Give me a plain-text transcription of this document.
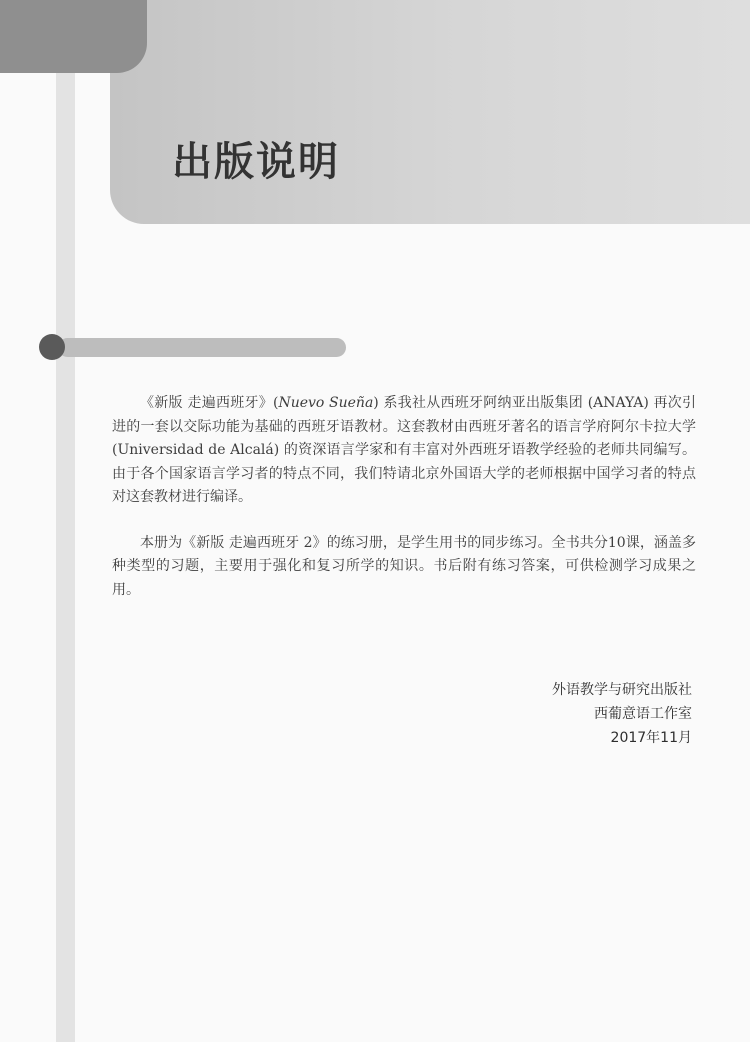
出版说明

《新版 走遍西班牙》(Nuevo Sueña) 系我社从西班牙阿纳亚出版集团 (ANAYA) 再次引进的一套以交际功能为基础的西班牙语教材。这套教材由西班牙著名的语言学府阿尔卡拉大学 (Universidad de Alcalá) 的资深语言学家和有丰富对外西班牙语教学经验的老师共同编写。由于各个国家语言学习者的特点不同，我们特请北京外国语大学的老师根据中国学习者的特点对这套教材进行编译。

本册为《新版 走遍西班牙 2》的练习册，是学生用书的同步练习。全书共分10课，涵盖多种类型的习题，主要用于强化和复习所学的知识。书后附有练习答案，可供检测学习成果之用。

外语教学与研究出版社
西葡意语工作室
2017年11月
